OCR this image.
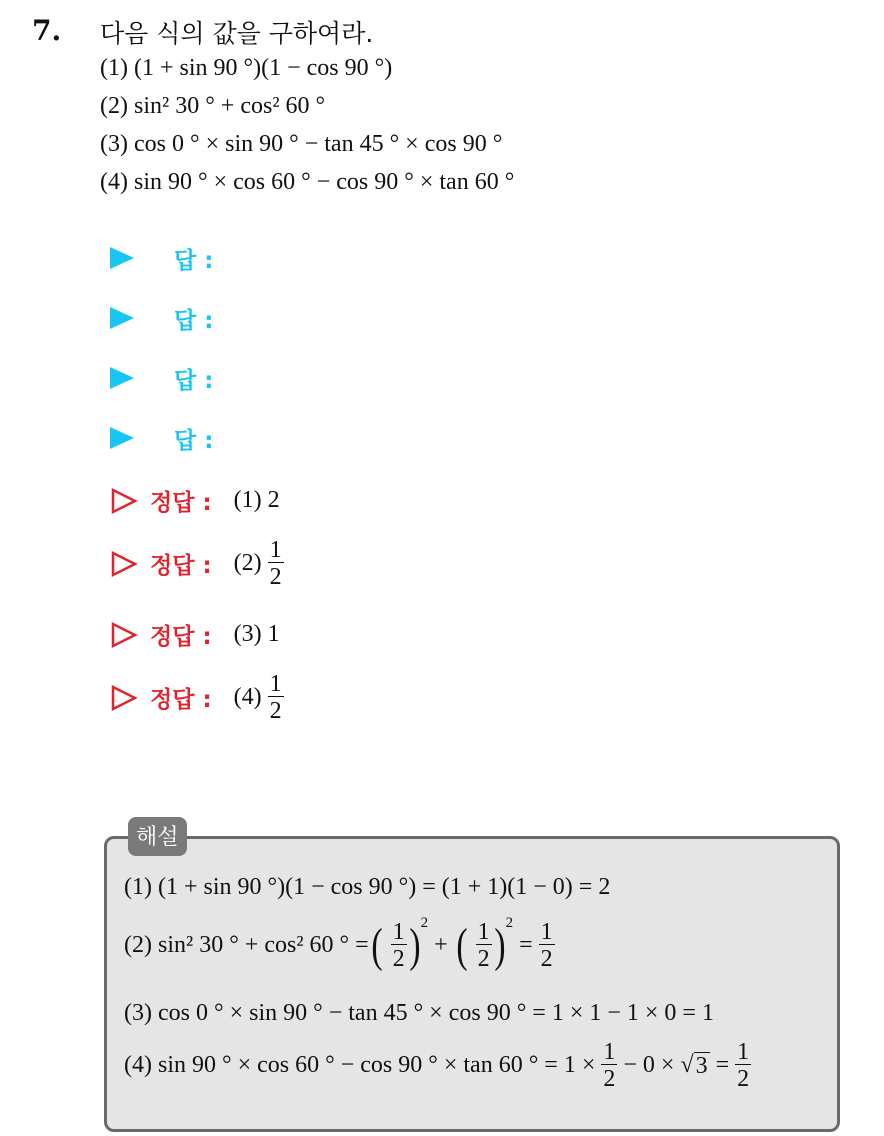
7. 다음 식의 값을 구하여라.
(1) (1 + sin 90 °)(1 − cos 90 °)
(2) sin² 30 ° + cos² 60 °
(3) cos 0 ° × sin 90 ° − tan 45 ° × cos 90 °
(4) sin 90 ° × cos 60 ° − cos 90 ° × tan 60 °
답 :
답 :
답 :
답 :
정답 : (1)
2
정답 : $(2) \frac{1}{2}$
정답 : (3)
1
정답 : $(4) \frac{1}{2}$
해설
(1) (1 + sin 90 °)(1 − cos 90 °) = (1 + 1)(1 − 0) = 2
(2) sin² 30 ° + cos² 60 ° = ( $\frac{1}{2}$ ) 2

+
( $\frac{1}{2}$ ) 2

= $\frac{1}{2}$
(3) cos 0 ° × sin 90 ° − tan 45 ° × cos 90 ° = 1 × 1 − 1 × 0 = 1
(4) sin 90 ° × cos 60 ° − cos 90 ° × tan 60 ° = $1 \times \frac{1}{2}$
− 0 ×
√ 3
= $\frac{1}{2}$
